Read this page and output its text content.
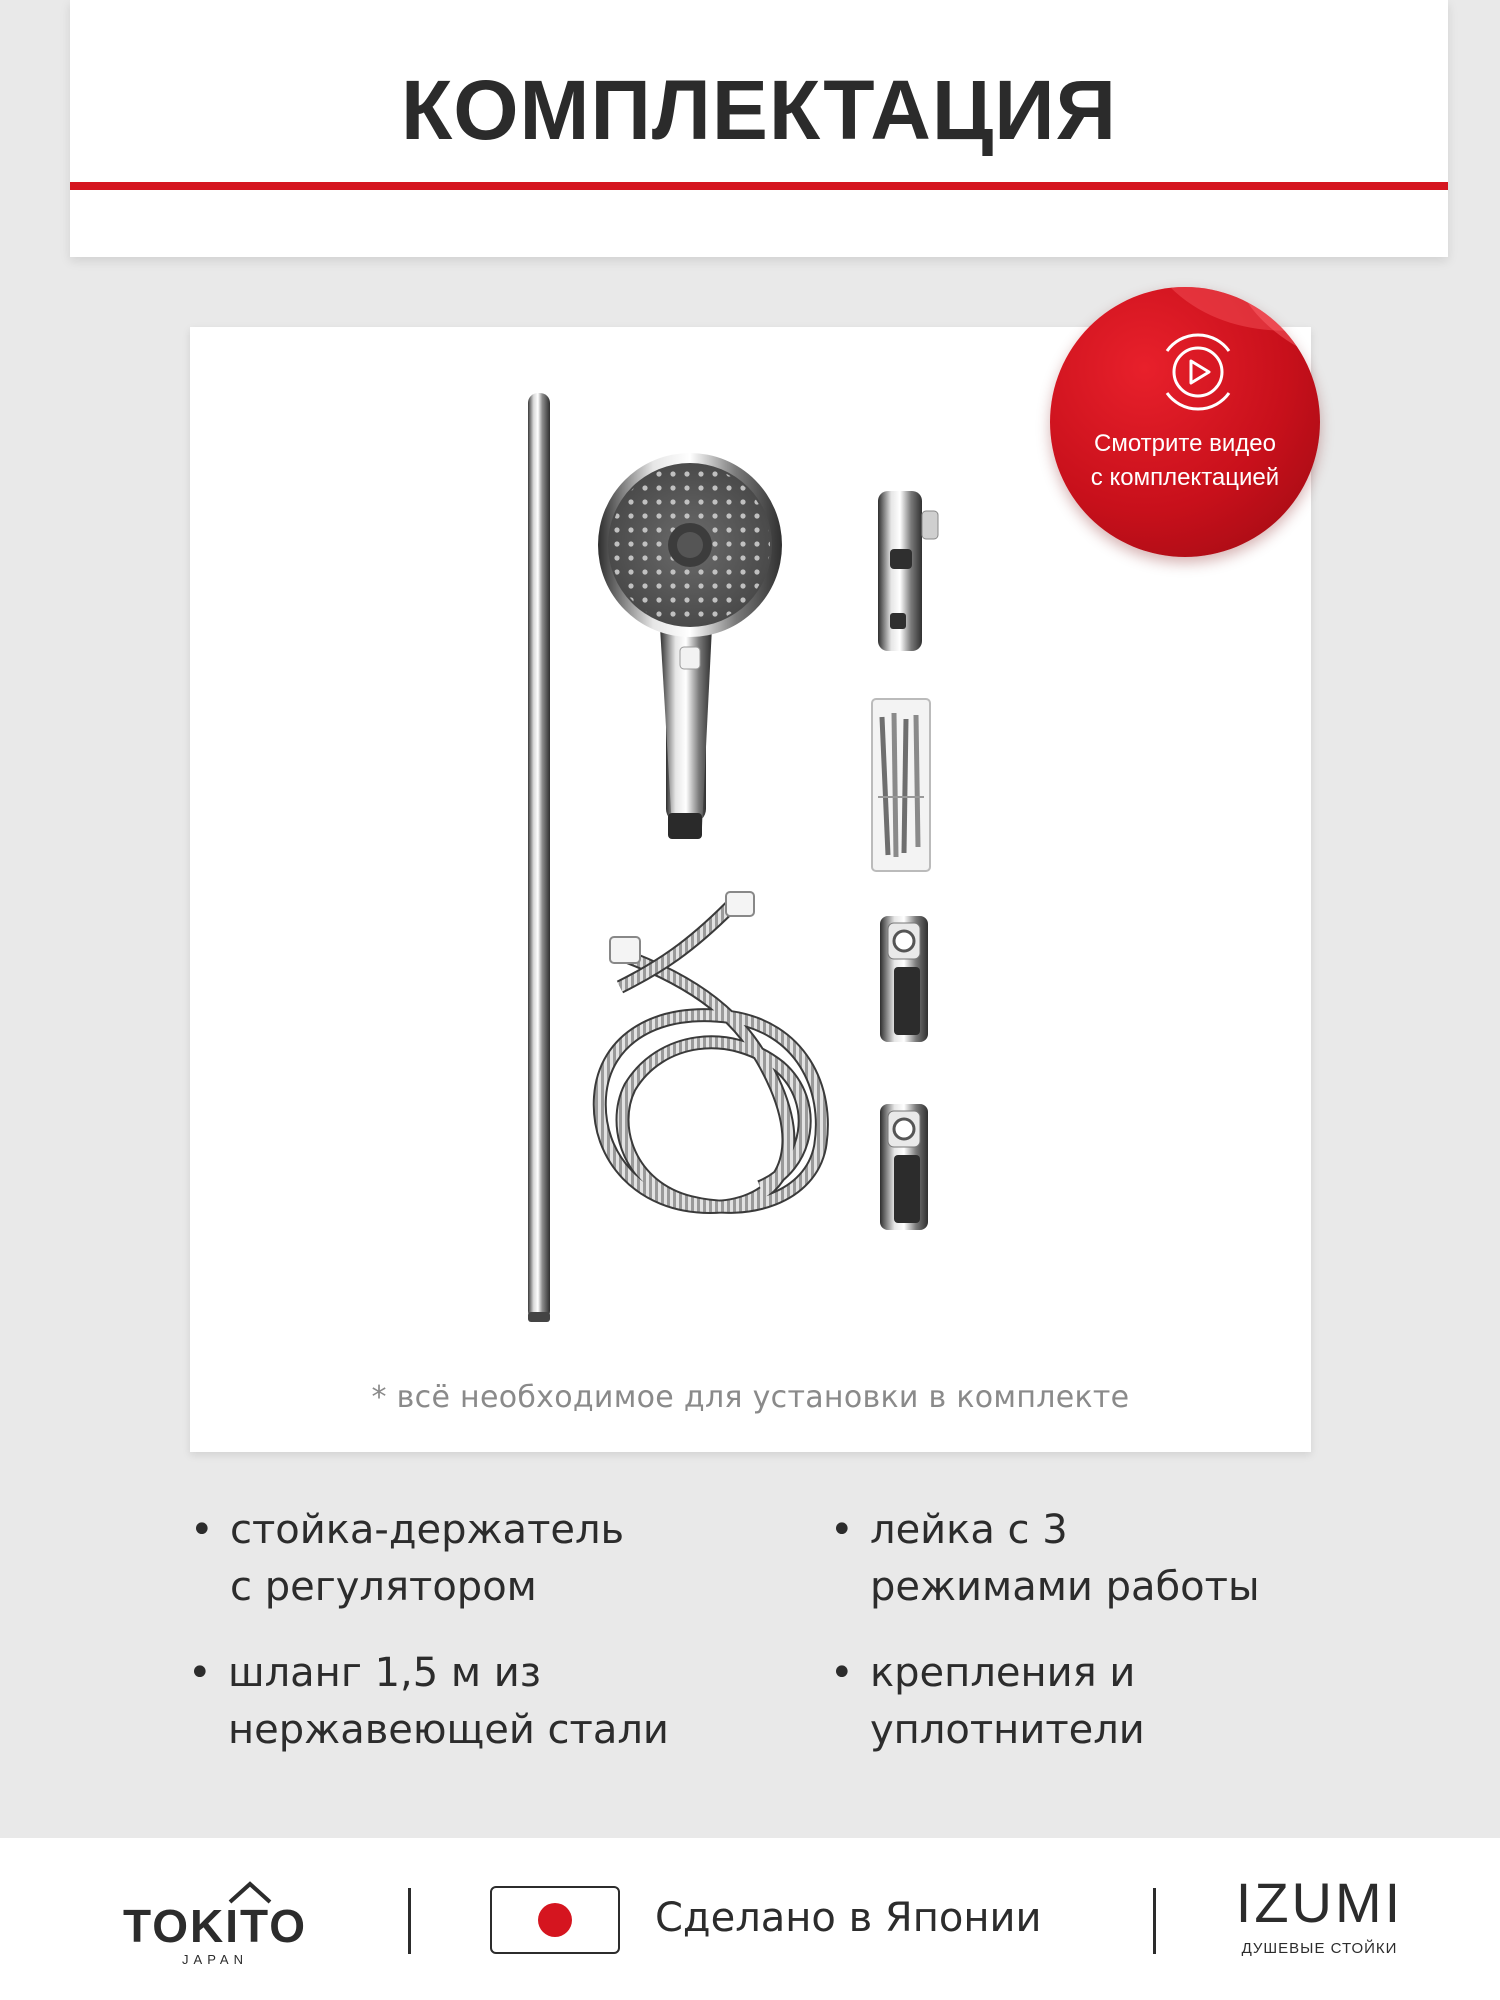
КОМПЛЕКТАЦИЯ
* всё необходимое для установки в комплекте
Смотрите видео
с комплектацией
• стойка-держатель
с регулятором
• лейка с 3
режимами работы
• шланг 1,5 м из
нержавеющей стали
• крепления и
уплотнители
TOKITO
JAPAN
Сделано в Японии	IZUMI
ДУШЕВЫЕ СТОЙКИ
